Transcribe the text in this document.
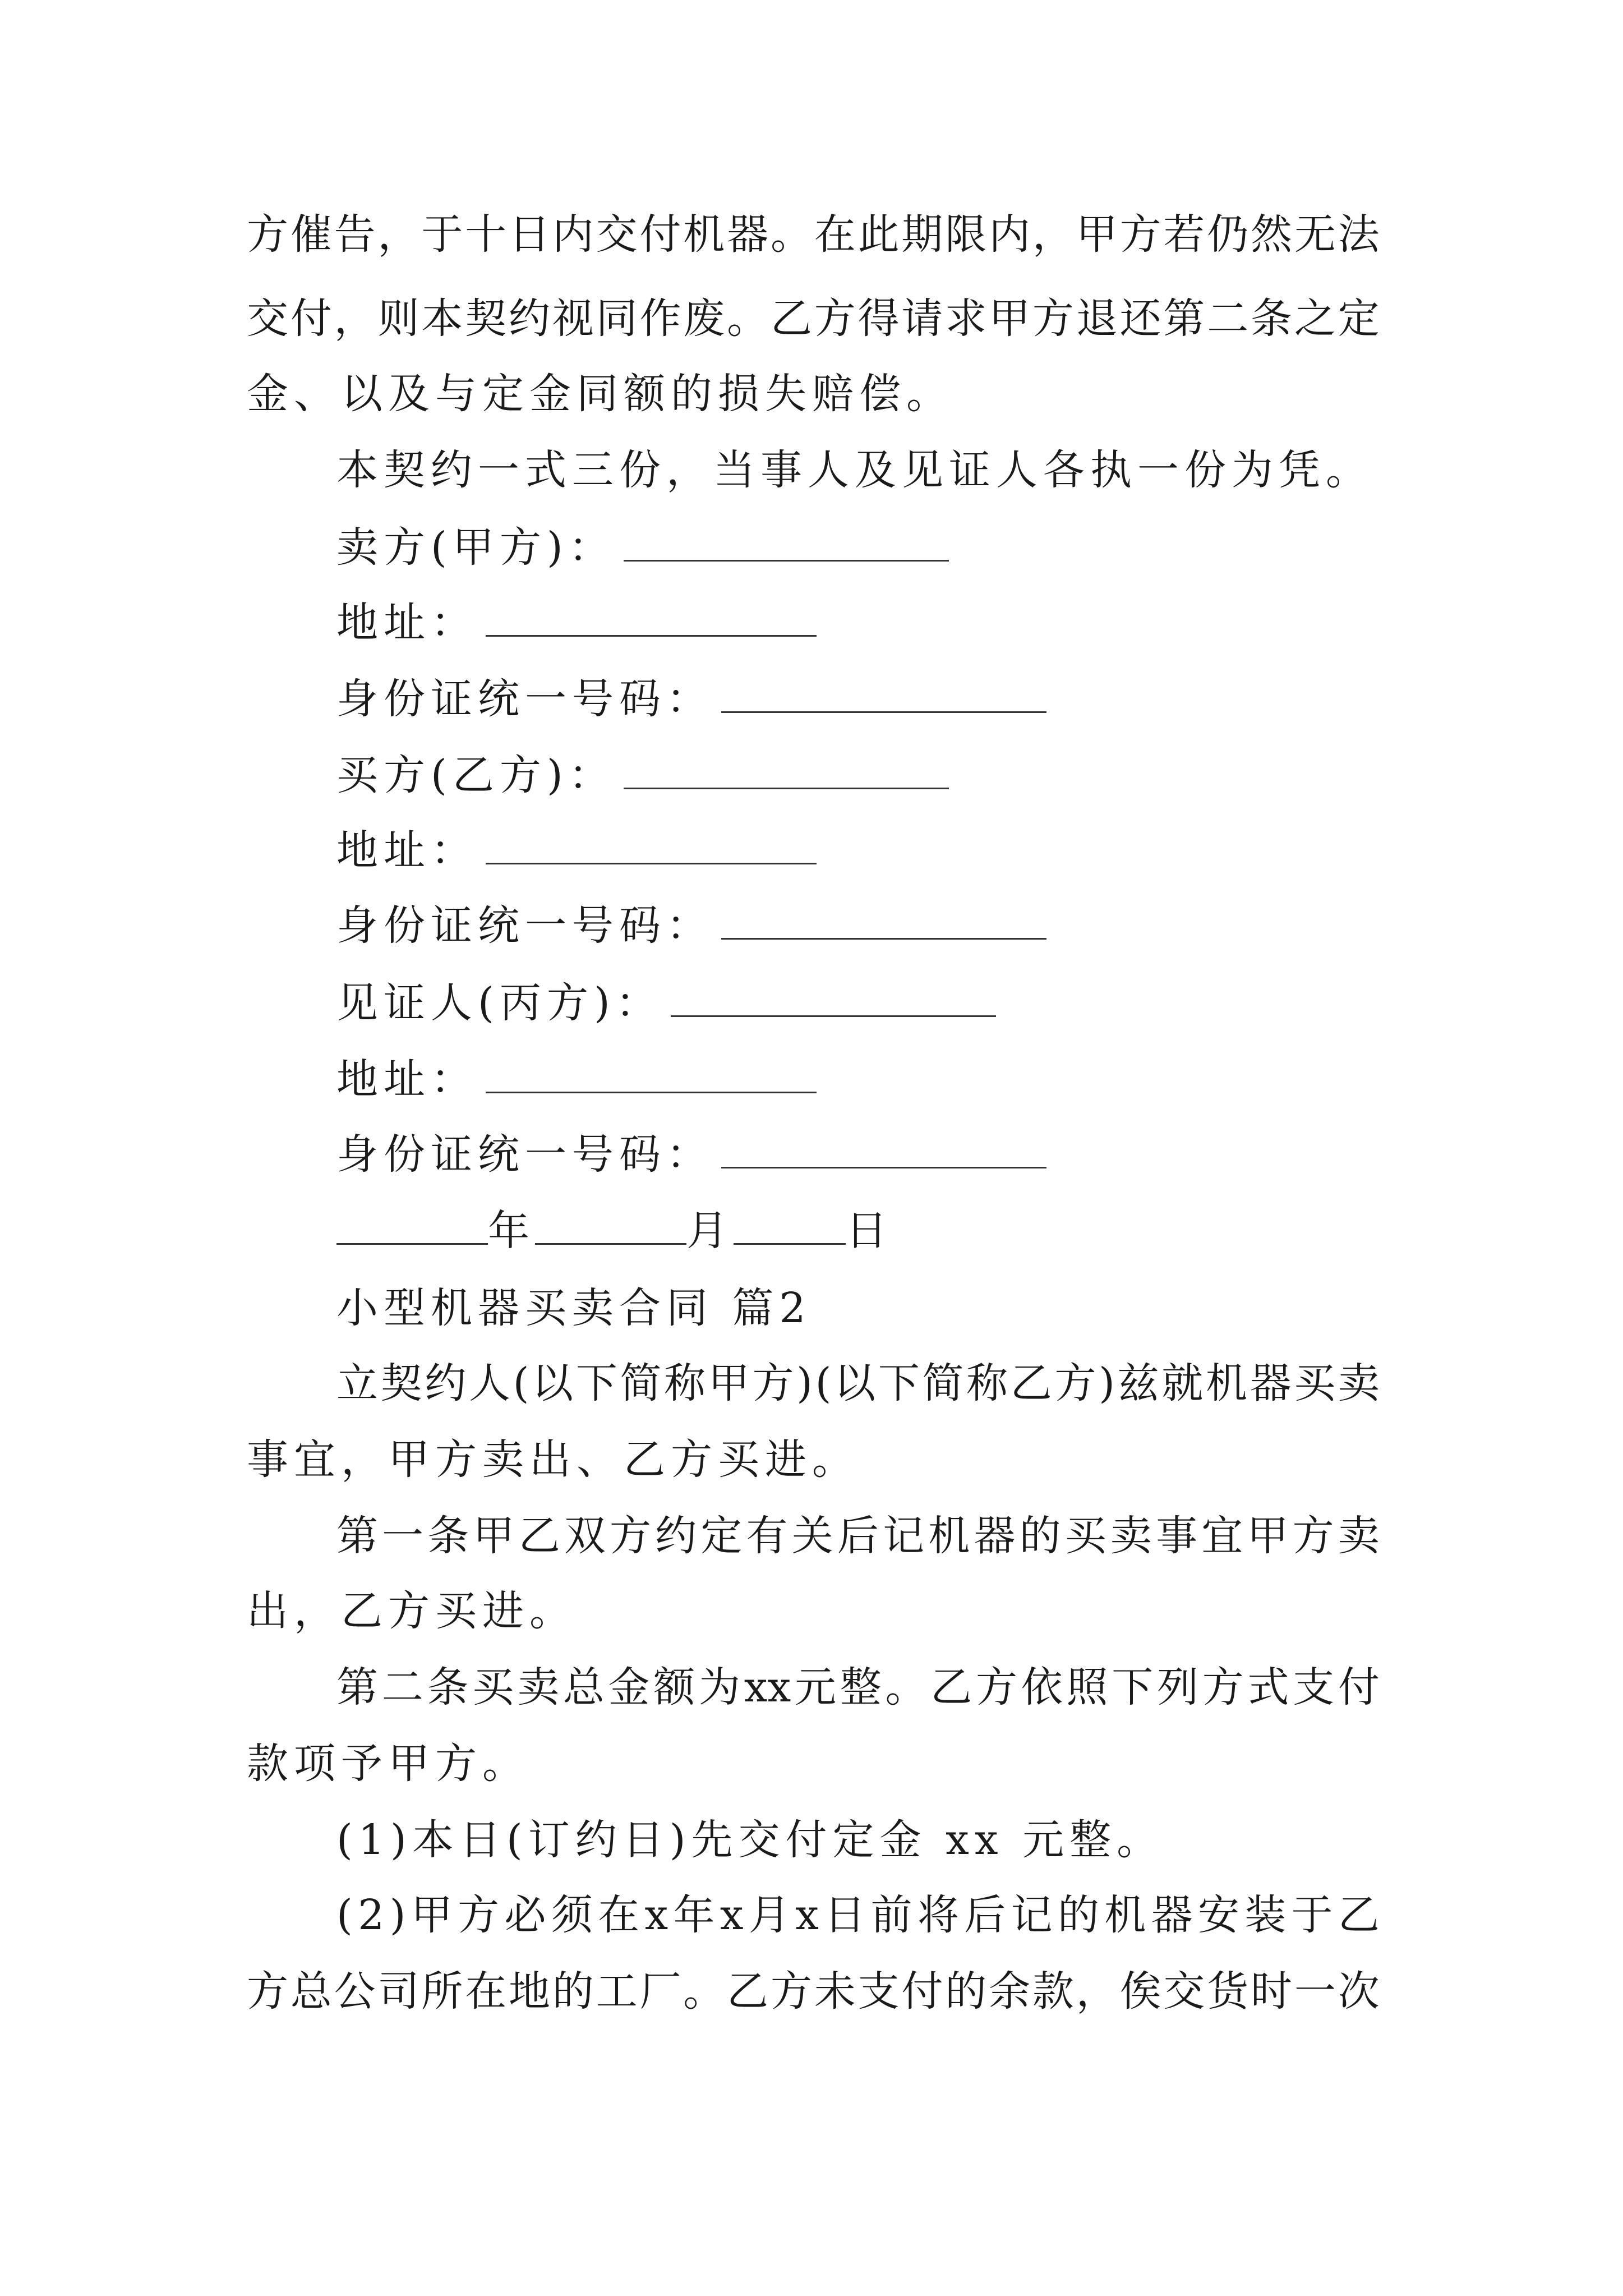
方 催 告 ， 于 十 日 内 交 付 机 器 。 在 此 期 限 内 ， 甲 方 若 仍 然 无 法
交 付 ， 则 本 契 约 视 同 作 废 。 乙 方 得 请 求 甲 方 退 还 第 二 条 之 定
金、以及与定金同额的损失赔偿。
本契约一式三份，当事人及见证人各执一份为凭。
卖方(甲方)：
地址：
身份证统一号码：
买方(乙方)：
地址：
身份证统一号码：
见证人(丙方)：
地址：
身份证统一号码：
年	月	日
小型机器买卖合同 篇2
立 契 约 人 ( 以 下 简 称 甲 方 ) ( 以 下 简 称 乙 方 ) 兹 就 机 器 买 卖
事宜，甲方卖出、乙方买进。
第 一 条 甲 乙 双 方 约 定 有 关 后 记 机 器 的 买 卖 事 宜 甲 方 卖
出，乙方买进。
第 二 条 买 卖 总 金 额 为 xx 元 整 。 乙 方 依 照 下 列 方 式 支 付
款项予甲方。
(1)本日(订约日)先交付定金 xx 元整。
( 2 ) 甲 方 必 须 在 x 年 x 月 x 日 前 将 后 记 的 机 器 安 装 于 乙
方 总 公 司 所 在 地 的 工 厂 。 乙 方 未 支 付 的 余 款 ， 俟 交 货 时 一 次
